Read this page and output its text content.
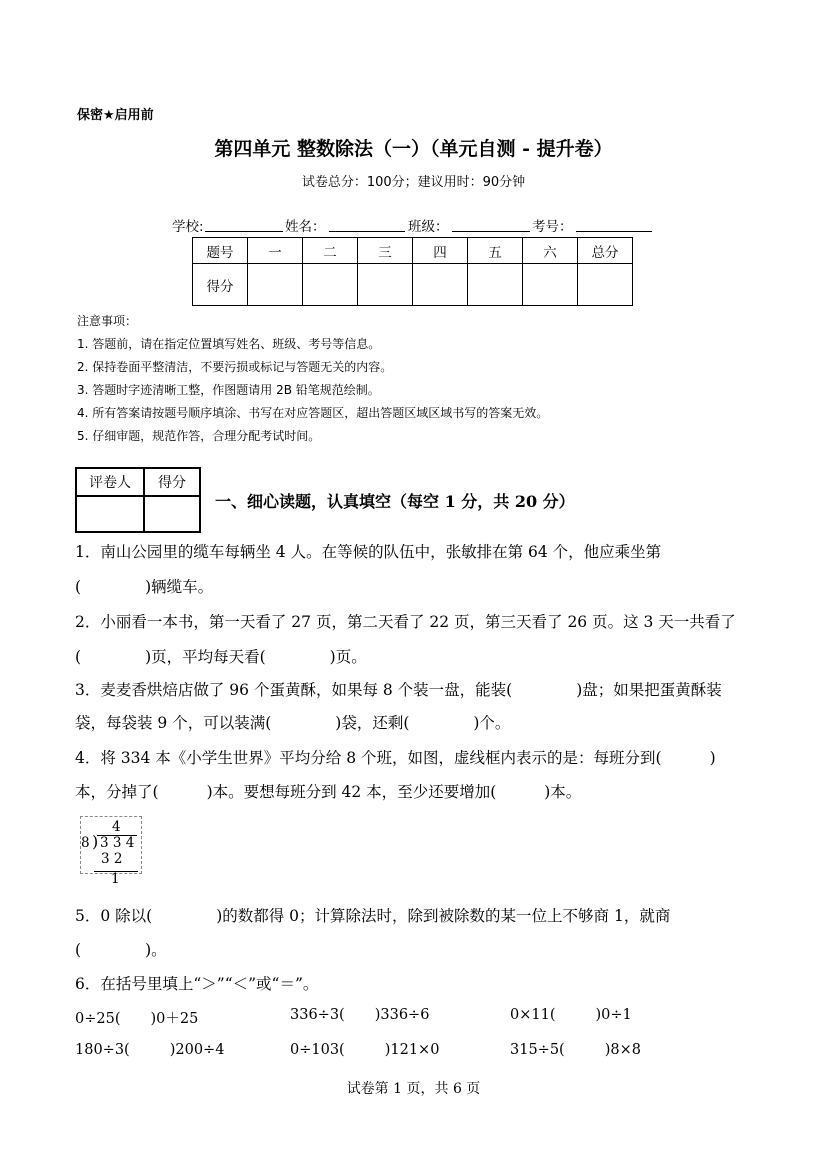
保密★启用前
第四单元 整数除法（一）（单元自测 - 提升卷）
试卷总分：100分；建议用时：90分钟
学校:	姓名：	班级：	考号：
题号	一	二	三	四	五	六	总分
得分							
注意事项：
1. 答题前，请在指定位置填写姓名、班级、考号等信息。
2. 保持卷面平整清洁，不要污损或标记与答题无关的内容。
3. 答题时字迹清晰工整，作图题请用 2B 铅笔规范绘制。
4. 所有答案请按题号顺序填涂、书写在对应答题区，超出答题区域区域书写的答案无效。
5. 仔细审题，规范作答，合理分配考试时间。
评卷人	得分

一、细心读题，认真填空（每空 1 分，共 20 分）
1．南山公园里的缆车每辆坐 4 人。在等候的队伍中，张敏排在第 64 个，他应乘坐第
(	)辆缆车。
2．小丽看一本书，第一天看了 27 页，第二天看了 22 页，第三天看了 26 页。这 3 天一共看了
(	)页，平均每天看(	)页。
3．麦麦香烘焙店做了 96 个蛋黄酥，如果每 8 个装一盘，能装(	)盘；如果把蛋黄酥装
袋，每袋装 9 个，可以装满(	)袋，还剩(	)个。
4．将 334 本《小学生世界》平均分给 8 个班，如图，虚线框内表示的是：每班分到(	)
本，分掉了(	)本。要想每班分到 42 本，至少还要增加(	)本。
4
8 ) 3 3 4
3 2
1
5．0 除以(	)的数都得 0；计算除法时，除到被除数的某一位上不够商 1，就商
(	)。
6．在括号里填上“＞”“＜”或“＝”。
0÷25( )0＋25	336÷3( )336÷6	0×11(	)0÷1
180÷3(	)200÷4	0÷103(	)121×0	315÷5(	)8×8
试卷第 1 页，共 6 页
